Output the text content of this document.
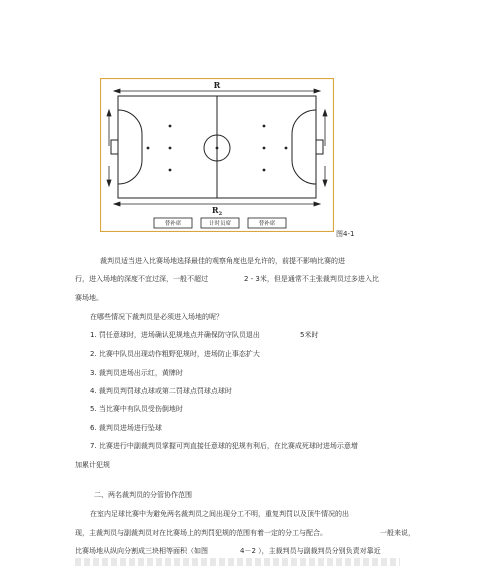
R
$R_2$
替补席	计时员席	替补席
图4-1
裁判员适当进入比赛场地选择最佳的观察角度也是允许的，前提不影响比赛的进
行，进入场地的深度不宜过深，一般不超过	2 - 3米，但是通常不主张裁判员过多进入比
赛场地。
在哪些情况下裁判员是必须进入场地的呢？
1. 罚任意球时，进场确认犯规地点并确保防守队员退出	5米时
2. 比赛中队员出现动作粗野犯规时，进场防止事态扩大
3. 裁判员进场出示红，黄牌时
4. 裁判员判罚球点球或第二罚球点罚球点球时
5. 当比赛中有队员受伤倒地时
6. 裁判员进场进行坠球
7. 比赛进行中副裁判员掌握可判直接任意球的犯规有利后，在比赛成死球时进场示意增
加累计犯规
二、两名裁判员的分管协作范围
在室内足球比赛中为避免两名裁判员之间出现分工不明，重复判罚以及顶牛情况的出
现，主裁判员与副裁判员对在比赛场上的判罚犯规的范围有着一定的分工与配合。	一般来说，
比赛场地从纵向分割成三块相等面积（如图	4－2 ），主裁判员与副裁判员分别负责对靠近
